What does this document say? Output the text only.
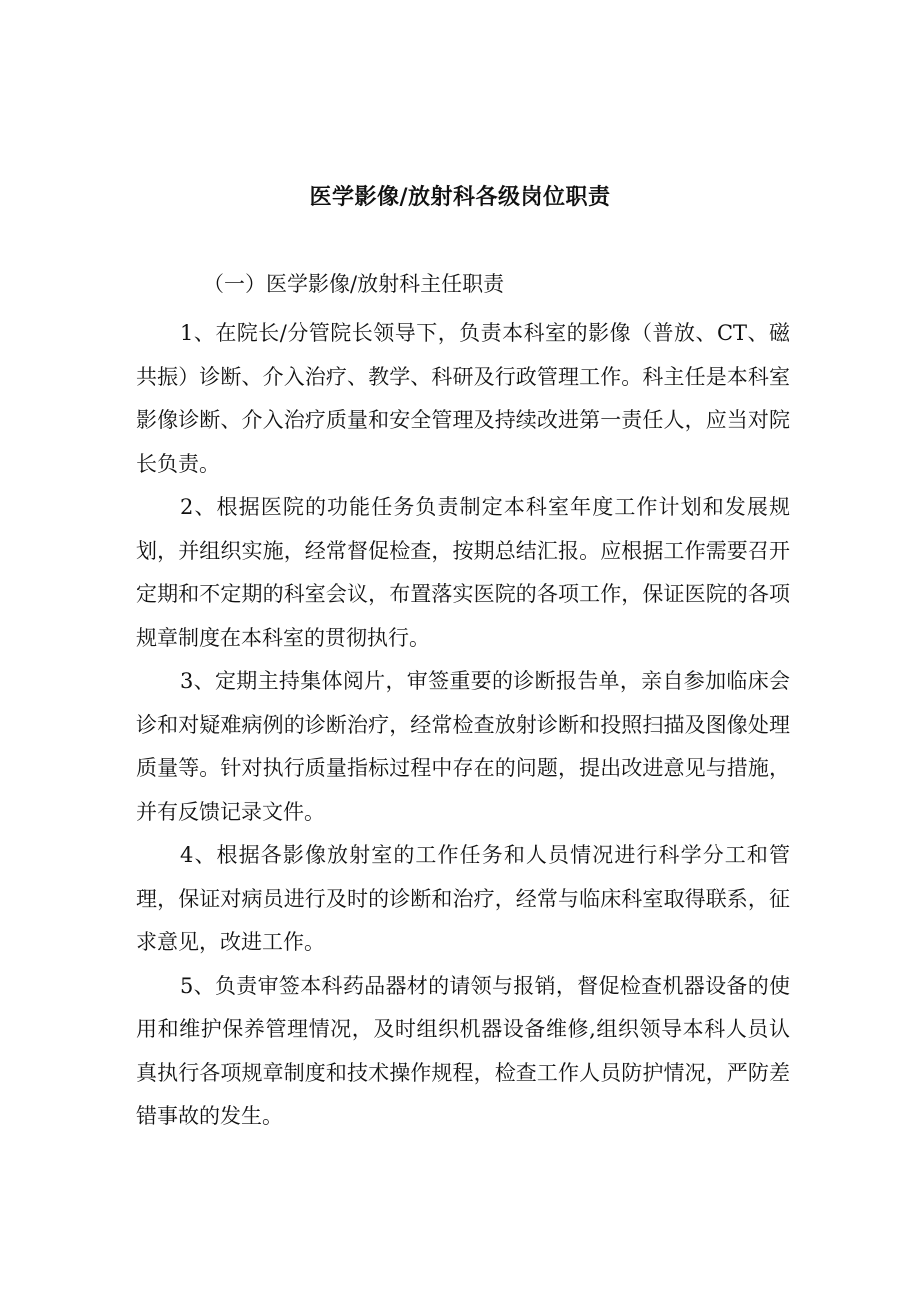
医学影像/放射科各级岗位职责
（一）医学影像/放射科主任职责

1、在院长/分管院长领导下，负责本科室的影像（普放、CT、磁共振）诊断、介入治疗、教学、科研及行政管理工作。科主任是本科室影像诊断、介入治疗质量和安全管理及持续改进第一责任人，应当对院长负责。

2、根据医院的功能任务负责制定本科室年度工作计划和发展规划，并组织实施，经常督促检查，按期总结汇报。应根据工作需要召开定期和不定期的科室会议，布置落实医院的各项工作，保证医院的各项规章制度在本科室的贯彻执行。

3、定期主持集体阅片，审签重要的诊断报告单，亲自参加临床会诊和对疑难病例的诊断治疗，经常检查放射诊断和投照扫描及图像处理质量等。针对执行质量指标过程中存在的问题，提出改进意见与措施，并有反馈记录文件。

4、根据各影像放射室的工作任务和人员情况进行科学分工和管理，保证对病员进行及时的诊断和治疗，经常与临床科室取得联系，征求意见，改进工作。

5、负责审签本科药品器材的请领与报销，督促检查机器设备的使用和维护保养管理情况，及时组织机器设备维修,组织领导本科人员认真执行各项规章制度和技术操作规程，检查工作人员防护情况，严防差错事故的发生。
